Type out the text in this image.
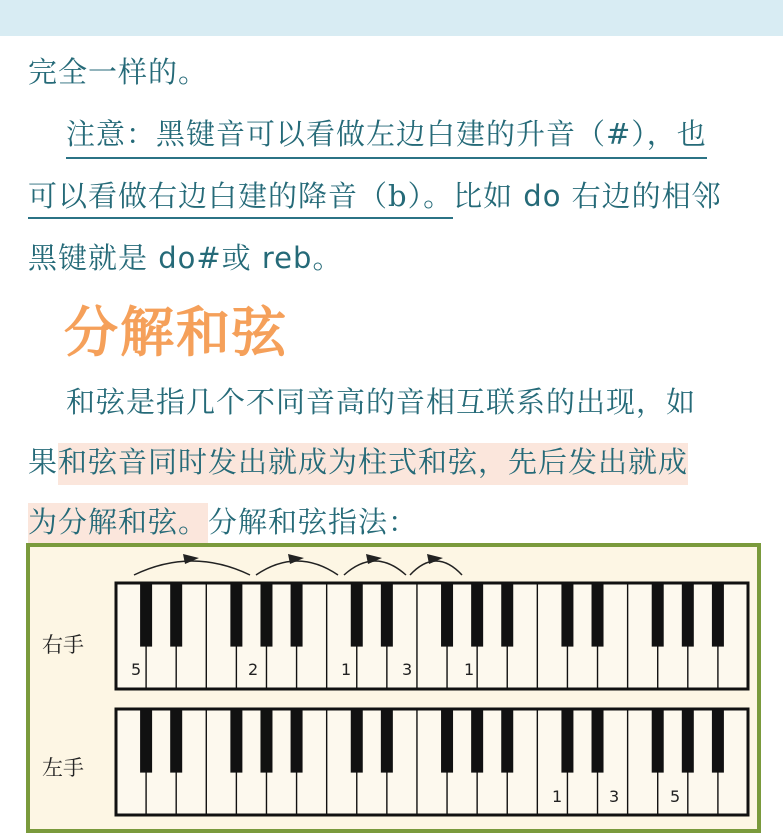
完全一样的。
注意：黑键音可以看做左边白建的升音（#），也
可以看做右边白建的降音（b）。比如 do 右边的相邻
黑键就是 do#或 reb。
分解和弦
和弦是指几个不同音高的音相互联系的出现，如
果和弦音同时发出就成为柱式和弦，先后发出就成
为分解和弦。分解和弦指法：
5	2	1	3	1
1	3	5
右手
左手
